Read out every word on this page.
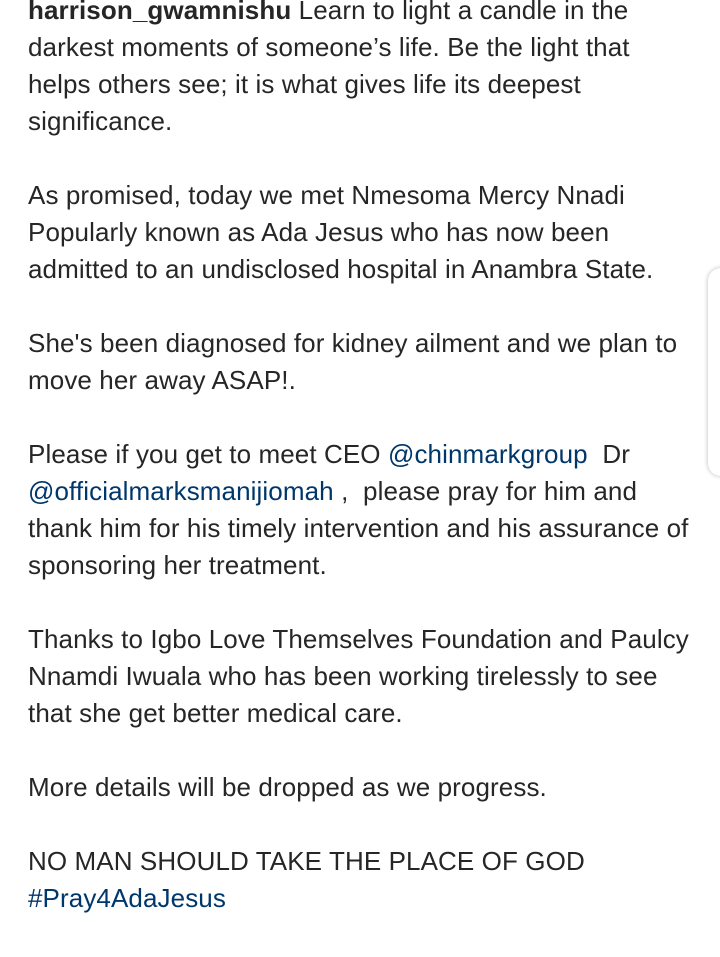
harrison_gwamnishu Learn to light a candle in the darkest moments of someone’s life. Be the light that helps others see; it is what gives life its deepest significance.

As promised, today we met Nmesoma Mercy Nnadi Popularly known as Ada Jesus who has now been admitted to an undisclosed hospital in Anambra State.

She's been diagnosed for kidney ailment and we plan to move her away ASAP!.

Please if you get to meet CEO @chinmarkgroup  Dr @officialmarksmanijiomah ,  please pray for him and thank him for his timely intervention and his assurance of sponsoring her treatment.

Thanks to Igbo Love Themselves Foundation and Paulcy Nnamdi Iwuala who has been working tirelessly to see that she get better medical care.

More details will be dropped as we progress.

NO MAN SHOULD TAKE THE PLACE OF GOD
#Pray4AdaJesus
